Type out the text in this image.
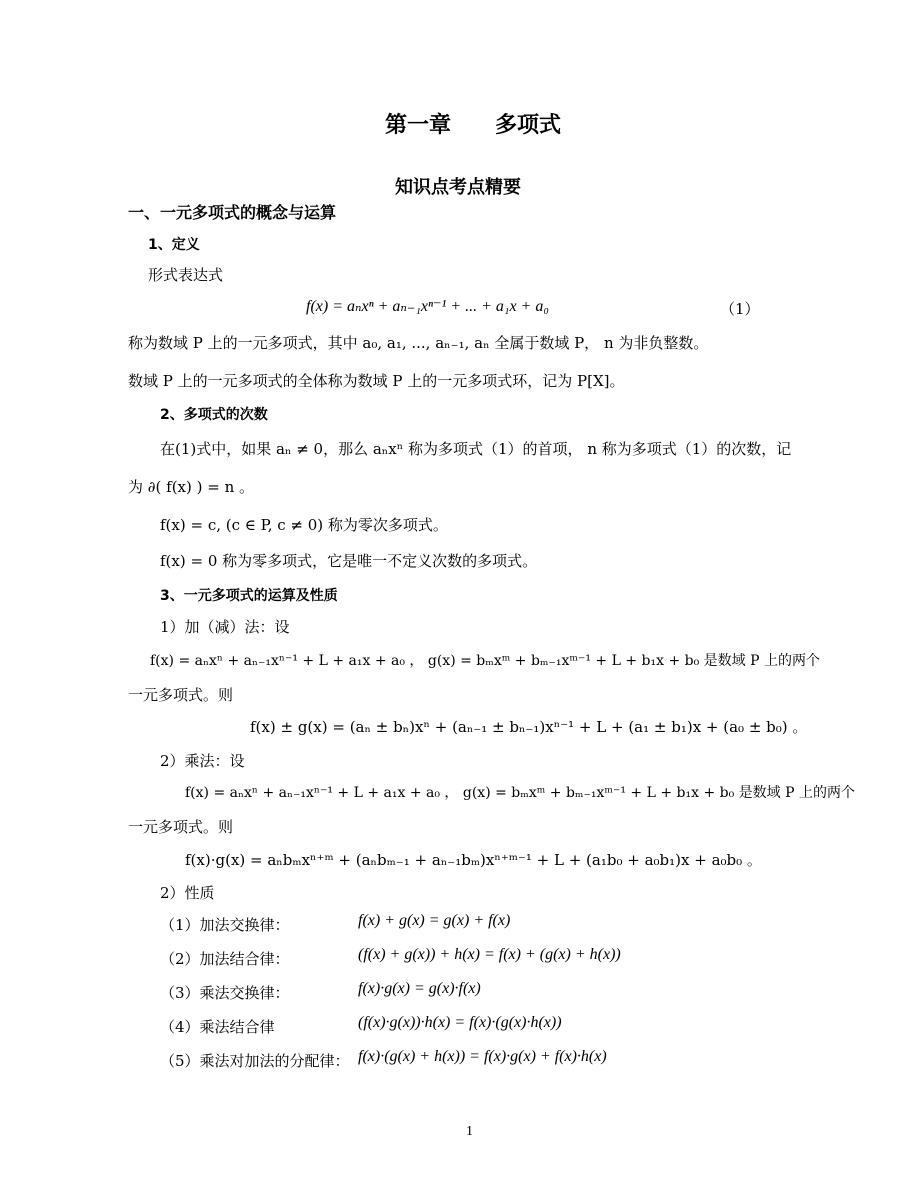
第一章　　多项式
知识点考点精要
一、一元多项式的概念与运算
1、定义
形式表达式
f(x) = aₙxⁿ + aₙ₋₁xⁿ⁻¹ + ... + a₁x + a₀	（1）
称为数域 P 上的一元多项式，其中 a₀, a₁, ..., aₙ₋₁, aₙ 全属于数域 P， n 为非负整数。
数域 P 上的一元多项式的全体称为数域 P 上的一元多项式环，记为 P[X]。
2、多项式的次数
在(1)式中，如果 aₙ ≠ 0，那么 aₙxⁿ 称为多项式（1）的首项， n 称为多项式（1）的次数，记
为 ∂( f(x) ) = n 。
f(x) = c, (c ∈ P, c ≠ 0) 称为零次多项式。
f(x) = 0 称为零多项式，它是唯一不定义次数的多项式。
3、一元多项式的运算及性质
1）加（减）法：设
f(x) = aₙxⁿ + aₙ₋₁xⁿ⁻¹ + L + a₁x + a₀ ， g(x) = bₘxᵐ + bₘ₋₁xᵐ⁻¹ + L + b₁x + b₀ 是数域 P 上的两个
一元多项式。则
f(x) ± g(x) = (aₙ ± bₙ)xⁿ + (aₙ₋₁ ± bₙ₋₁)xⁿ⁻¹ + L + (a₁ ± b₁)x + (a₀ ± b₀) 。
2）乘法：设
f(x) = aₙxⁿ + aₙ₋₁xⁿ⁻¹ + L + a₁x + a₀ ， g(x) = bₘxᵐ + bₘ₋₁xᵐ⁻¹ + L + b₁x + b₀ 是数域 P 上的两个
一元多项式。则
f(x)·g(x) = aₙbₘxⁿ⁺ᵐ + (aₙbₘ₋₁ + aₙ₋₁bₘ)xⁿ⁺ᵐ⁻¹ + L + (a₁b₀ + a₀b₁)x + a₀b₀ 。
2）性质
（1）加法交换律：	f(x) + g(x) = g(x) + f(x)
（2）加法结合律：	(f(x) + g(x)) + h(x) = f(x) + (g(x) + h(x))
（3）乘法交换律：	f(x)·g(x) = g(x)·f(x)
（4）乘法结合律	(f(x)·g(x))·h(x) = f(x)·(g(x)·h(x))
（5）乘法对加法的分配律： f(x)·(g(x) + h(x)) = f(x)·g(x) + f(x)·h(x)
1
